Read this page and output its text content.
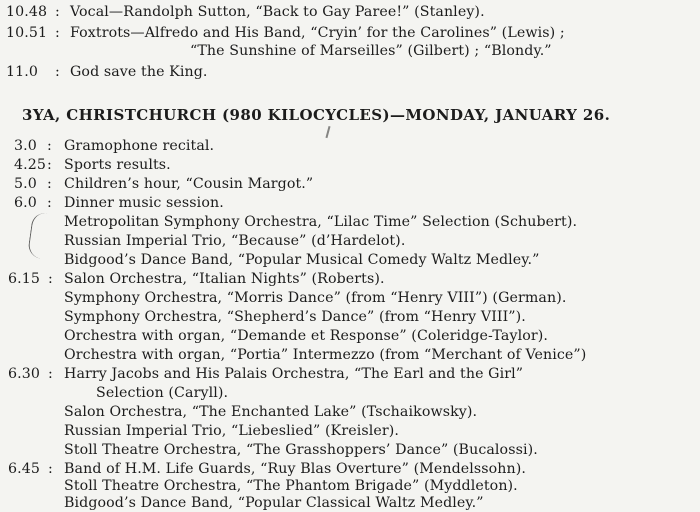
10.48 : Vocal—Randolph Sutton, “Back to Gay Paree!” (Stanley).
10.51 : Foxtrots—Alfredo and His Band, “Cryin’ for the Carolines” (Lewis) ;
“The Sunshine of Marseilles” (Gilbert) ; “Blondy.”
11.0 : God save the King.
3YA, CHRISTCHURCH (980 KILOCYCLES)—MONDAY, JANUARY 26.
3.0 : Gramophone recital.
4.25 : Sports results.
5.0 : Children’s hour, “Cousin Margot.”
6.0 : Dinner music session.
Metropolitan Symphony Orchestra, “Lilac Time” Selection (Schubert).
Russian Imperial Trio, “Because” (d’Hardelot).
Bidgood’s Dance Band, “Popular Musical Comedy Waltz Medley.”
6.15 : Salon Orchestra, “Italian Nights” (Roberts).
Symphony Orchestra, “Morris Dance” (from “Henry VIII”) (German).
Symphony Orchestra, “Shepherd’s Dance” (from “Henry VIII”).
Orchestra with organ, “Demande et Response” (Coleridge-Taylor).
Orchestra with organ, “Portia” Intermezzo (from “Merchant of Venice”)
6.30 : Harry Jacobs and His Palais Orchestra, “The Earl and the Girl”
Selection (Caryll).
Salon Orchestra, “The Enchanted Lake” (Tschaikowsky).
Russian Imperial Trio, “Liebeslied” (Kreisler).
Stoll Theatre Orchestra, “The Grasshoppers’ Dance” (Bucalossi).
6.45 : Band of H.M. Life Guards, “Ruy Blas Overture” (Mendelssohn).
Stoll Theatre Orchestra, “The Phantom Brigade” (Myddleton).
Bidgood’s Dance Band, “Popular Classical Waltz Medley.”
